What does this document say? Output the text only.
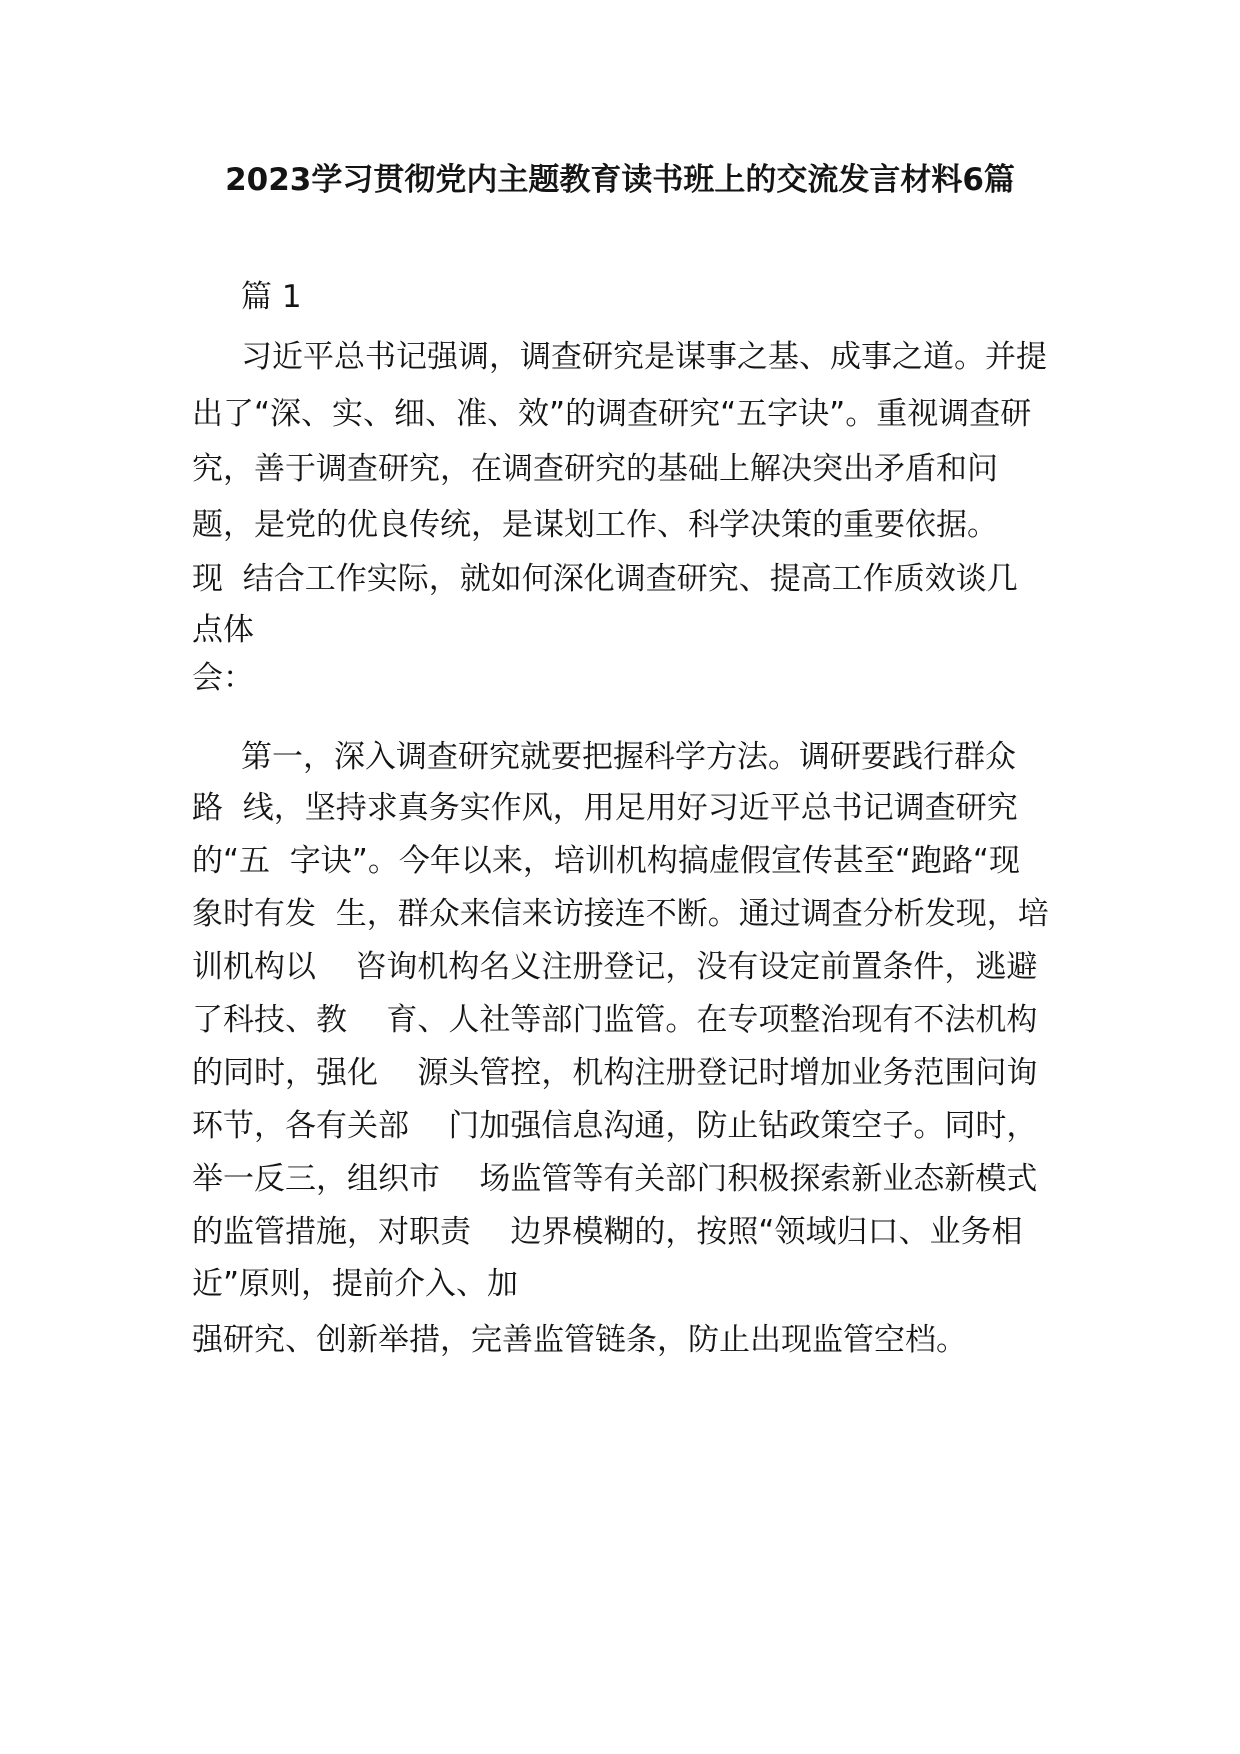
2023学习贯彻党内主题教育读书班上的交流发言材料6篇
篇 1
习近平总书记强调，调查研究是谋事之基、成事之道。并提
出了“深、实、细、准、效”的调查研究“五字诀”。重视调查研
究，善于调查研究，在调查研究的基础上解决突出矛盾和问
题，是党的优良传统，是谋划工作、科学决策的重要依据。
现  结合工作实际，就如何深化调查研究、提高工作质效谈几
点体
会：
第一，深入调查研究就要把握科学方法。调研要践行群众
路  线，坚持求真务实作风，用足用好习近平总书记调查研究
的“五  字诀”。今年以来，培训机构搞虚假宣传甚至“跑路“现
象时有发  生，群众来信来访接连不断。通过调查分析发现，培
训机构以    咨询机构名义注册登记，没有设定前置条件，逃避
了科技、教    育、人社等部门监管。在专项整治现有不法机构
的同时，强化    源头管控，机构注册登记时增加业务范围问询
环节，各有关部    门加强信息沟通，防止钻政策空子。同时，
举一反三，组织市    场监管等有关部门积极探索新业态新模式
的监管措施，对职责    边界模糊的，按照“领域归口、业务相
近”原则，提前介入、加
强研究、创新举措，完善监管链条，防止出现监管空档。
